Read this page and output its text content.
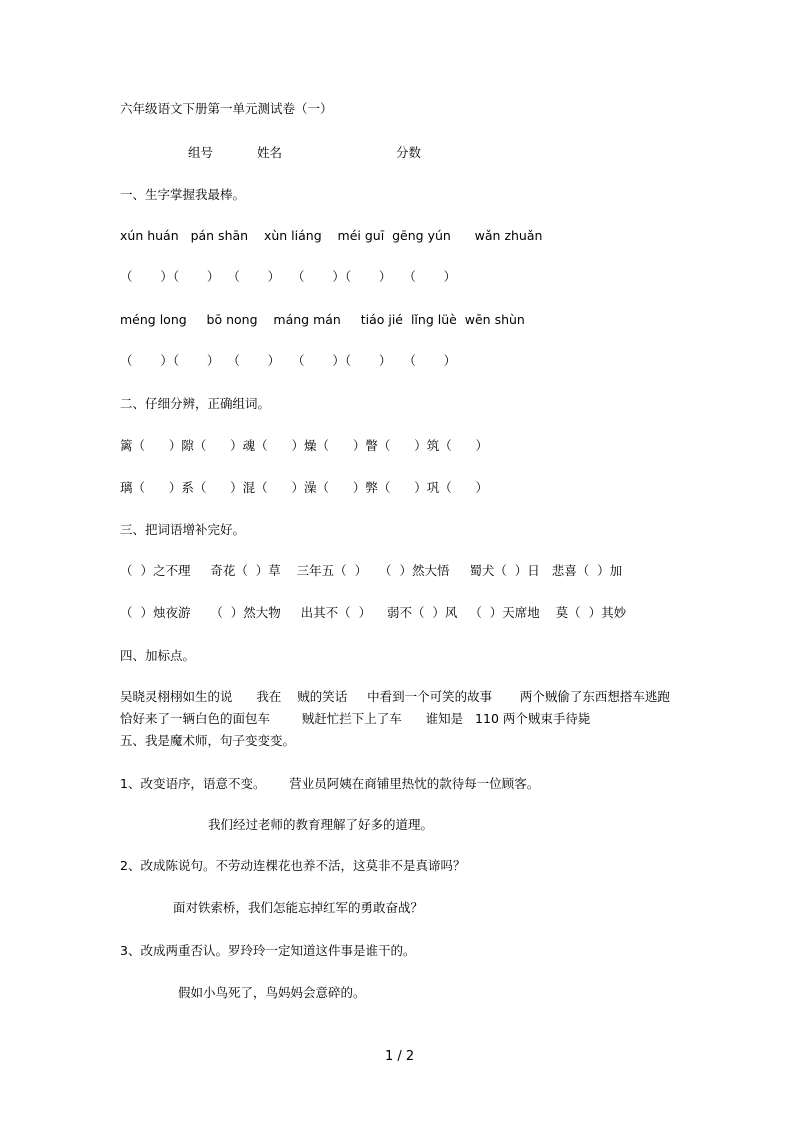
六年级语文下册第一单元测试卷（一）
组号	姓名	分数
一、生字掌握我最棒。
xún huán   pán shān    xùn liáng    méi guī  gēng yún      wǎn zhuǎn
（       ）（       ）  （       ）   （       ）（       ）   （       ）
méng long     bō nong    máng mán     tiáo jié  lǐng lüè  wēn shùn
（       ）（       ）  （       ）   （       ）（       ）   （       ）
二、仔细分辨，正确组词。
篱（      ）隙（      ）魂（      ）燥（      ）瞥（      ）筑（      ）
璃（      ）系（      ）混（      ）澡（      ）弊（      ）巩（      ）
三、把词语增补完好。
（  ）之不理     奇花（  ）草    三年五（  ）   （  ）然大悟     蜀犬（  ）日   悲喜（  ）加
（  ）烛夜游     （  ）然大物     出其不（  ）    弱不（  ）风   （  ）天席地    莫（  ）其妙
四、加标点。
吴晓灵栩栩如生的说      我在    贼的笑话     中看到一个可笑的故事       两个贼偷了东西想搭车逃跑
恰好来了一辆白色的面包车        贼赶忙拦下上了车      谁知是   110 两个贼束手待毙
五、我是魔术师，句子变变变。
1、改变语序，语意不变。      营业员阿姨在商铺里热忱的款待每一位顾客。
我们经过老师的教育理解了好多的道理。
2、改成陈说句。不劳动连棵花也养不活，这莫非不是真谛吗？
面对铁索桥，我们怎能忘掉红军的勇敢奋战？
3、改成两重否认。罗玲玲一定知道这件事是谁干的。
假如小鸟死了，鸟妈妈会意碎的。
1 / 2
